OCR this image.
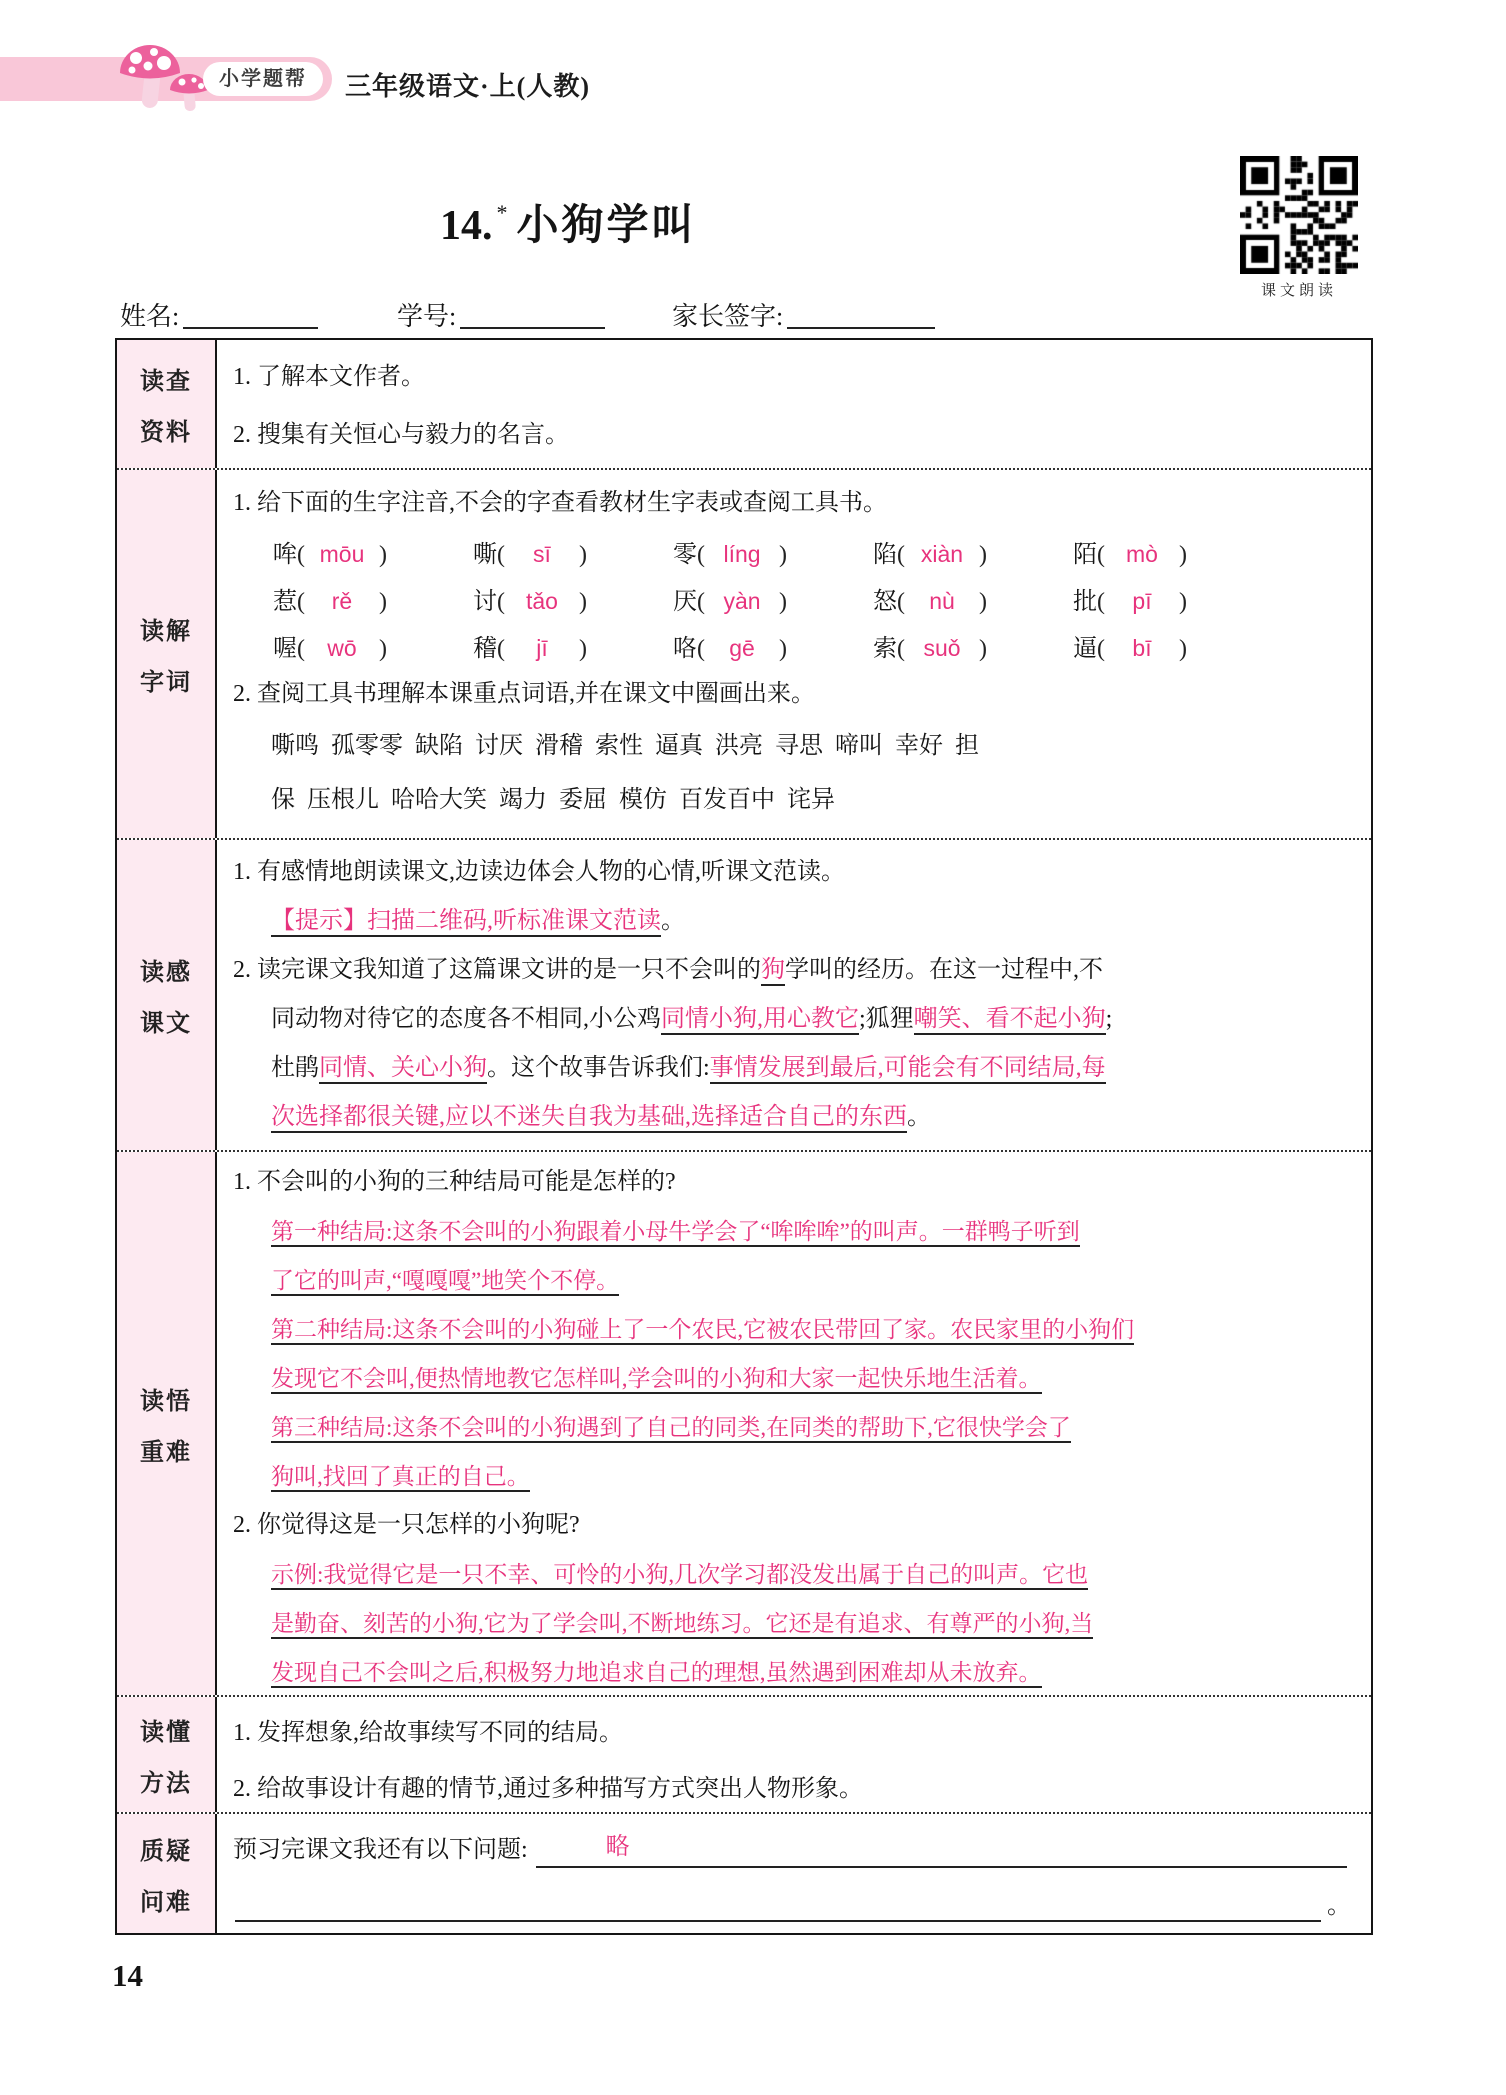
小学题帮	三年级语文·上(人教)
14. * 小狗学叫
课文朗读
姓名:	学号:	家长签字:
读查
资料
1. 了解本文作者。
2. 搜集有关恒心与毅力的名言。
读解
字词
1. 给下面的生字注音,不会的字查看教材生字表或查阅工具书。
哞( mōu )	嘶( sī )	零( líng )	陷( xiàn )	陌( mò )
惹( rě )	讨( tǎo )	厌( yàn )	怒( nù )	批( pī )
喔( wō )	稽( jī )	咯( gē )	索( suǒ )	逼( bī )
2. 查阅工具书理解本课重点词语,并在课文中圈画出来。
嘶鸣  孤零零  缺陷  讨厌  滑稽  索性  逼真  洪亮  寻思  啼叫  幸好  担
保  压根儿  哈哈大笑  竭力  委屈  模仿  百发百中  诧异
读感
课文
1. 有感情地朗读课文,边读边体会人物的心情,听课文范读。
【提示】扫描二维码,听标准课文范读。
2. 读完课文我知道了这篇课文讲的是一只不会叫的狗学叫的经历。在这一过程中,不
同动物对待它的态度各不相同,小公鸡同情小狗,用心教它;狐狸嘲笑、看不起小狗;
杜鹃同情、关心小狗。这个故事告诉我们:事情发展到最后,可能会有不同结局,每
次选择都很关键,应以不迷失自我为基础,选择适合自己的东西。
读悟
重难
1. 不会叫的小狗的三种结局可能是怎样的?
第一种结局:这条不会叫的小狗跟着小母牛学会了“哞哞哞”的叫声。一群鸭子听到
了它的叫声,“嘎嘎嘎”地笑个不停。
第二种结局:这条不会叫的小狗碰上了一个农民,它被农民带回了家。农民家里的小狗们
发现它不会叫,便热情地教它怎样叫,学会叫的小狗和大家一起快乐地生活着。
第三种结局:这条不会叫的小狗遇到了自己的同类,在同类的帮助下,它很快学会了
狗叫,找回了真正的自己。
2. 你觉得这是一只怎样的小狗呢?
示例:我觉得它是一只不幸、可怜的小狗,几次学习都没发出属于自己的叫声。它也
是勤奋、刻苦的小狗,它为了学会叫,不断地练习。它还是有追求、有尊严的小狗,当
发现自己不会叫之后,积极努力地追求自己的理想,虽然遇到困难却从未放弃。
读懂
方法
1. 发挥想象,给故事续写不同的结局。
2. 给故事设计有趣的情节,通过多种描写方式突出人物形象。
质疑
问难
预习完课文我还有以下问题:	略
。
14
